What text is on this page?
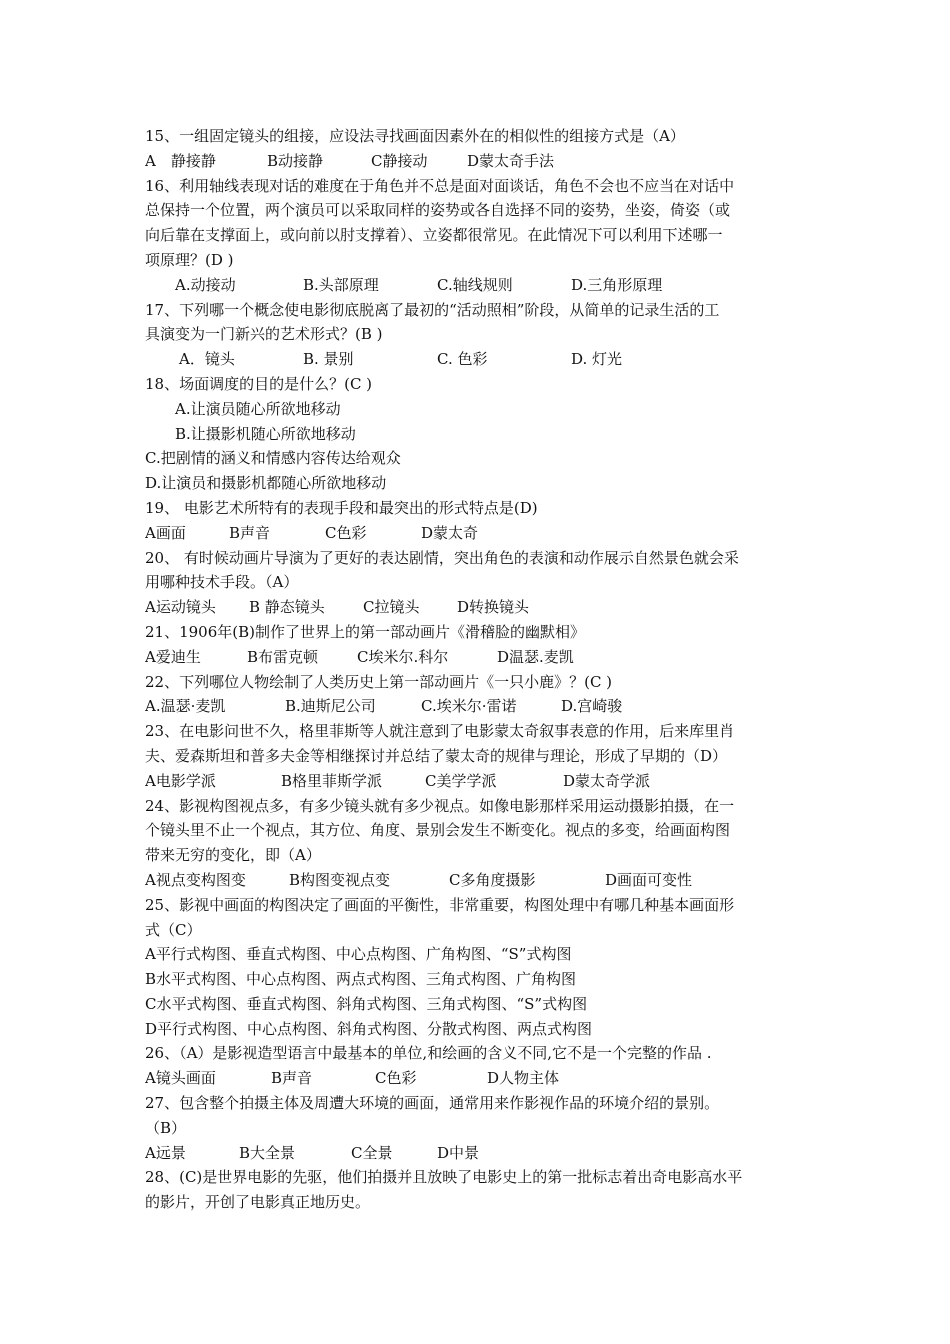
15、一组固定镜头的组接，应设法寻找画面因素外在的相似性的组接方式是（A）
A　静接静	B动接静	C静接动	D蒙太奇手法
16、利用轴线表现对话的难度在于角色并不总是面对面谈话，角色不会也不应当在对话中
总保持一个位置，两个演员可以采取同样的姿势或各自选择不同的姿势，坐姿，倚姿（或
向后靠在支撑面上，或向前以肘支撑着）、立姿都很常见。在此情况下可以利用下述哪一
项原理？(D )
A.动接动	B.头部原理	C.轴线规则	D.三角形原理
17、下列哪一个概念使电影彻底脱离了最初的“活动照相”阶段，从简单的记录生活的工
具演变为一门新兴的艺术形式？(B )
A．镜头	B. 景别	C. 色彩	D. 灯光
18、场面调度的目的是什么？(C )
A.让演员随心所欲地移动
B.让摄影机随心所欲地移动
C.把剧情的涵义和情感内容传达给观众
D.让演员和摄影机都随心所欲地移动
19、 电影艺术所特有的表现手段和最突出的形式特点是(D)
A画面	B声音	C色彩	D蒙太奇
20、 有时候动画片导演为了更好的表达剧情，突出角色的表演和动作展示自然景色就会采
用哪种技术手段。（A）
A运动镜头 B 静态镜头	C拉镜头	D转换镜头
21、1906年(B)制作了世界上的第一部动画片《滑稽脸的幽默相》
A爱迪生	B布雷克顿	C埃米尔.科尔	D温瑟.麦凯
22、下列哪位人物绘制了人类历史上第一部动画片《一只小鹿》？(C )
A.温瑟·麦凯	B.迪斯尼公司	C.埃米尔·雷诺	D.宫崎骏
23、在电影问世不久，格里菲斯等人就注意到了电影蒙太奇叙事表意的作用，后来库里肖
夫、爱森斯坦和普多夫金等相继探讨并总结了蒙太奇的规律与理论，形成了早期的（D）
A电影学派	B格里菲斯学派	C美学学派	D蒙太奇学派
24、影视构图视点多，有多少镜头就有多少视点。如像电影那样采用运动摄影拍摄，在一
个镜头里不止一个视点，其方位、角度、景别会发生不断变化。视点的多变，给画面构图
带来无穷的变化，即（A）
A视点变构图变	B构图变视点变	C多角度摄影	D画面可变性
25、影视中画面的构图决定了画面的平衡性，非常重要，构图处理中有哪几种基本画面形
式（C）
A平行式构图、垂直式构图、中心点构图、广角构图、“S”式构图
B水平式构图、中心点构图、两点式构图、三角式构图、广角构图
C水平式构图、垂直式构图、斜角式构图、三角式构图、“S”式构图
D平行式构图、中心点构图、斜角式构图、分散式构图、两点式构图
26、（A）是影视造型语言中最基本的单位,和绘画的含义不同,它不是一个完整的作品 .
A镜头画面	B声音	C色彩	D人物主体
27、包含整个拍摄主体及周遭大环境的画面，通常用来作影视作品的环境介绍的景别。
（B）
A远景	B大全景	C全景	D中景
28、(C)是世界电影的先驱，他们拍摄并且放映了电影史上的第一批标志着出奇电影高水平
的影片，开创了电影真正地历史。
